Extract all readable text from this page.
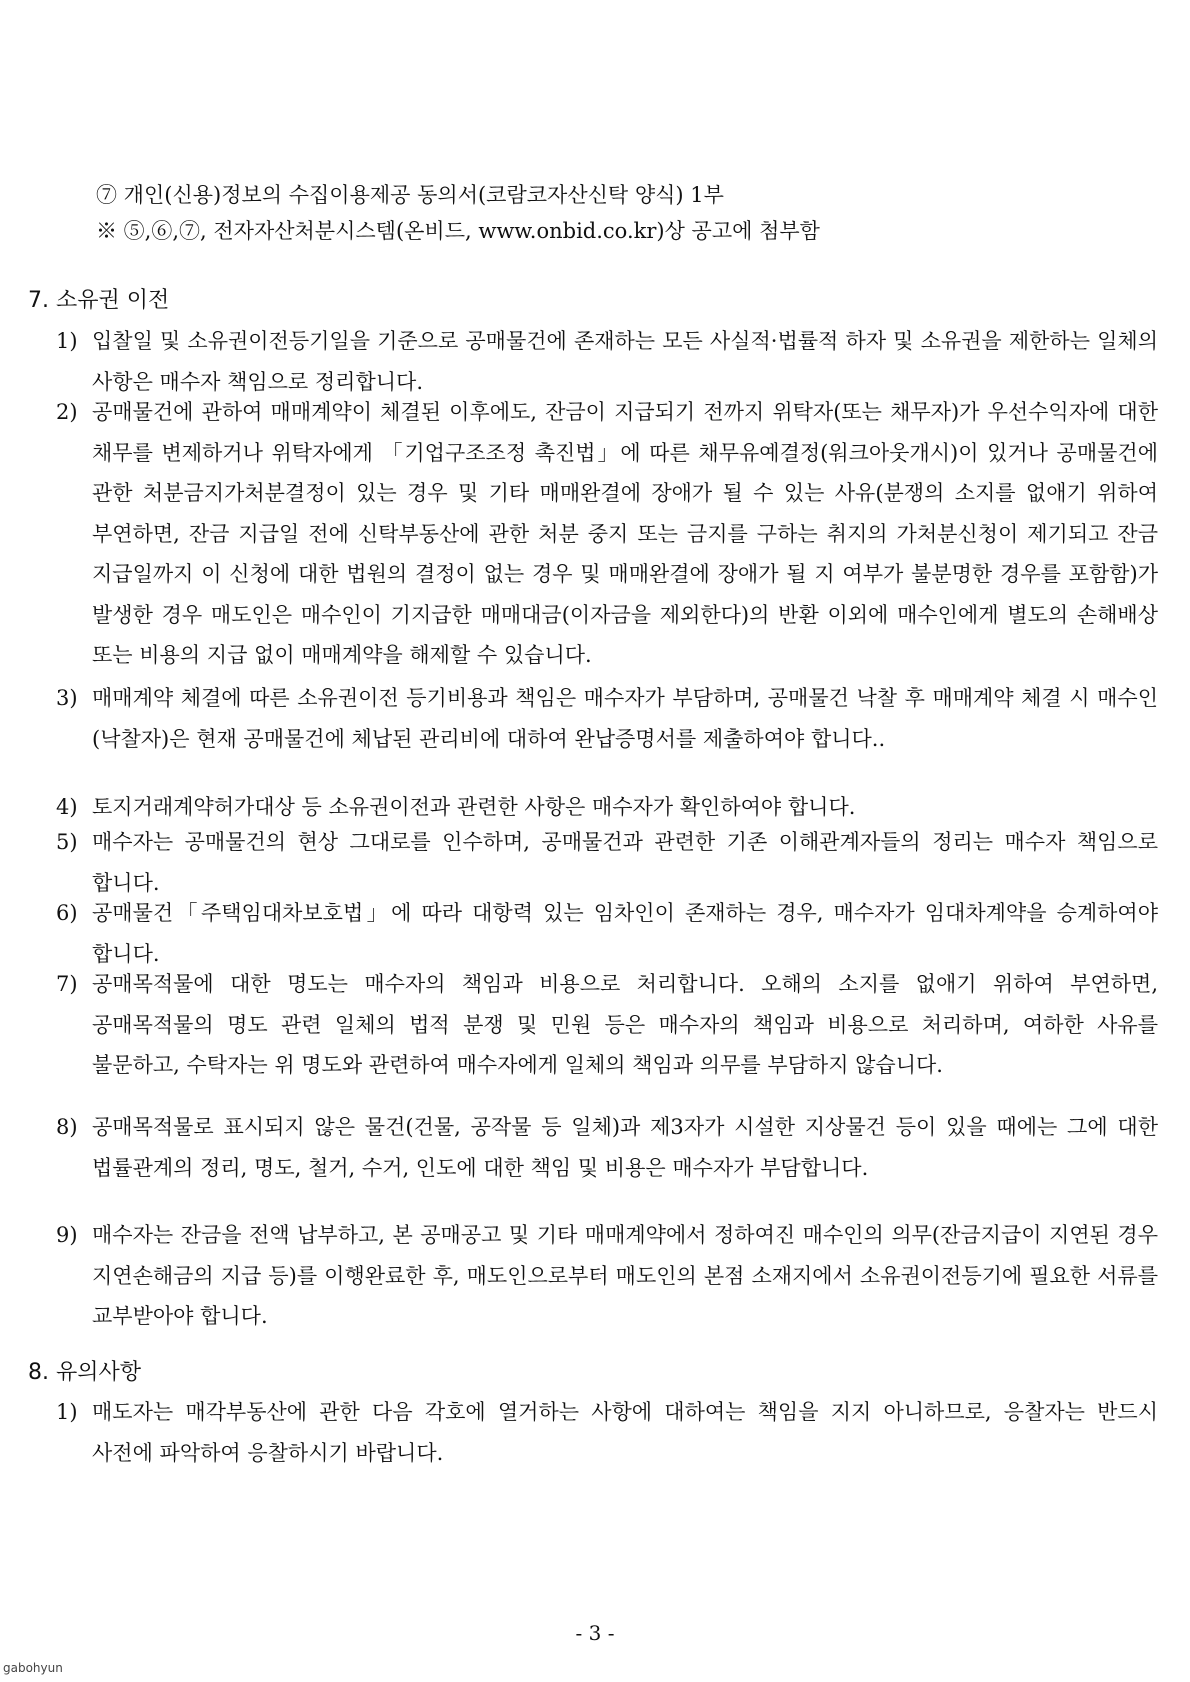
⑦ 개인(신용)정보의 수집이용제공 동의서(코람코자산신탁 양식) 1부
※ ⑤,⑥,⑦, 전자자산처분시스템(온비드, www.onbid.co.kr)상 공고에 첨부함
7. 소유권 이전
1) 입찰일 및 소유권이전등기일을 기준으로 공매물건에 존재하는 모든 사실적·법률적 하자 및 소유권을 제한하는 일체의 사항은 매수자 책임으로 정리합니다.
2) 공매물건에 관하여 매매계약이 체결된 이후에도, 잔금이 지급되기 전까지 위탁자(또는 채무자)가 우선수익자에 대한 채무를 변제하거나 위탁자에게 「기업구조조정 촉진법」에 따른 채무유예결정(워크아웃개시)이 있거나 공매물건에 관한 처분금지가처분결정이 있는 경우 및 기타 매매완결에 장애가 될 수 있는 사유(분쟁의 소지를 없애기 위하여 부연하면, 잔금 지급일 전에 신탁부동산에 관한 처분 중지 또는 금지를 구하는 취지의 가처분신청이 제기되고 잔금 지급일까지 이 신청에 대한 법원의 결정이 없는 경우 및 매매완결에 장애가 될 지 여부가 불분명한 경우를 포함함)가 발생한 경우 매도인은 매수인이 기지급한 매매대금(이자금을 제외한다)의 반환 이외에 매수인에게 별도의 손해배상 또는 비용의 지급 없이 매매계약을 해제할 수 있습니다.
3) 매매계약 체결에 따른 소유권이전 등기비용과 책임은 매수자가 부담하며, 공매물건 낙찰 후 매매계약 체결 시 매수인(낙찰자)은 현재 공매물건에 체납된 관리비에 대하여 완납증명서를 제출하여야 합니다..
4) 토지거래계약허가대상 등 소유권이전과 관련한 사항은 매수자가 확인하여야 합니다.
5) 매수자는 공매물건의 현상 그대로를 인수하며, 공매물건과 관련한 기존 이해관계자들의 정리는 매수자 책임으로 합니다.
6) 공매물건「주택임대차보호법」에 따라 대항력 있는 임차인이 존재하는 경우, 매수자가 임대차계약을 승계하여야 합니다.
7) 공매목적물에 대한 명도는 매수자의 책임과 비용으로 처리합니다. 오해의 소지를 없애기 위하여 부연하면, 공매목적물의 명도 관련 일체의 법적 분쟁 및 민원 등은 매수자의 책임과 비용으로 처리하며, 여하한 사유를 불문하고, 수탁자는 위 명도와 관련하여 매수자에게 일체의 책임과 의무를 부담하지 않습니다.
8) 공매목적물로 표시되지 않은 물건(건물, 공작물 등 일체)과 제3자가 시설한 지상물건 등이 있을 때에는 그에 대한 법률관계의 정리, 명도, 철거, 수거, 인도에 대한 책임 및 비용은 매수자가 부담합니다.
9) 매수자는 잔금을 전액 납부하고, 본 공매공고 및 기타 매매계약에서 정하여진 매수인의 의무(잔금지급이 지연된 경우 지연손해금의 지급 등)를 이행완료한 후, 매도인으로부터 매도인의 본점 소재지에서 소유권이전등기에 필요한 서류를 교부받아야 합니다.
8. 유의사항
1) 매도자는 매각부동산에 관한 다음 각호에 열거하는 사항에 대하여는 책임을 지지 아니하므로, 응찰자는 반드시 사전에 파악하여 응찰하시기 바랍니다.
- 3 -
gabohyun
